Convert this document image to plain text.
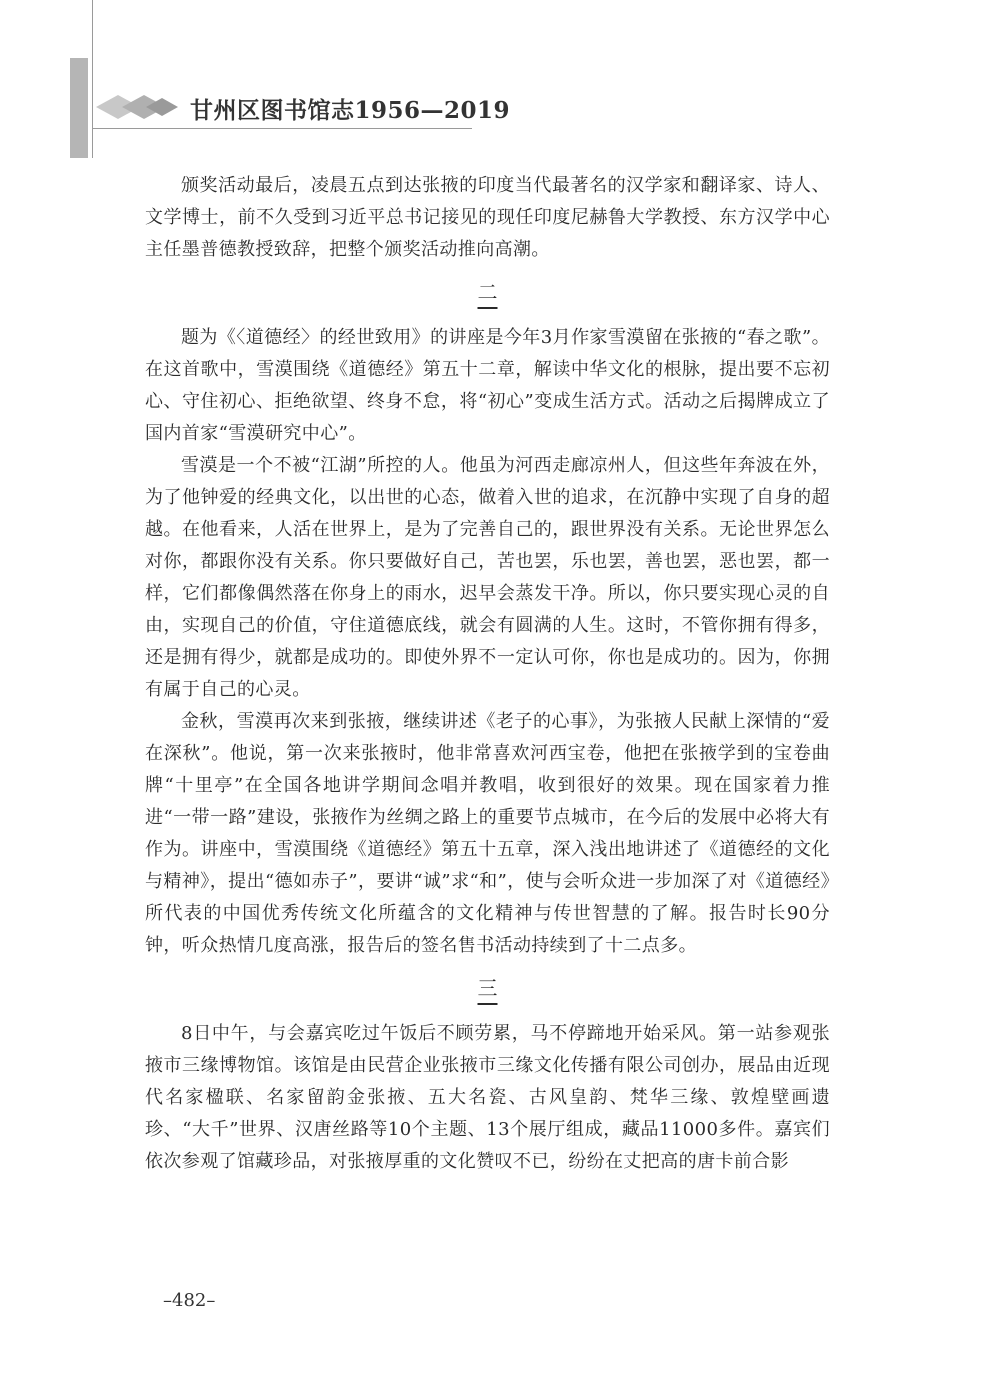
甘州区图书馆志1956—2019

颁奖活动最后，凌晨五点到达张掖的印度当代最著名的汉学家和翻译家、诗人、文学博士，前不久受到习近平总书记接见的现任印度尼赫鲁大学教授、东方汉学中心主任墨普德教授致辞，把整个颁奖活动推向高潮。

二

题为《〈道德经〉的经世致用》的讲座是今年3月作家雪漠留在张掖的“春之歌”。在这首歌中，雪漠围绕《道德经》第五十二章，解读中华文化的根脉，提出要不忘初心、守住初心、拒绝欲望、终身不怠，将“初心”变成生活方式。活动之后揭牌成立了国内首家“雪漠研究中心”。

雪漠是一个不被“江湖”所控的人。他虽为河西走廊凉州人，但这些年奔波在外，为了他钟爱的经典文化，以出世的心态，做着入世的追求，在沉静中实现了自身的超越。在他看来，人活在世界上，是为了完善自己的，跟世界没有关系。无论世界怎么对你，都跟你没有关系。你只要做好自己，苦也罢，乐也罢，善也罢，恶也罢，都一样，它们都像偶然落在你身上的雨水，迟早会蒸发干净。所以，你只要实现心灵的自由，实现自己的价值，守住道德底线，就会有圆满的人生。这时，不管你拥有得多，还是拥有得少，就都是成功的。即使外界不一定认可你，你也是成功的。因为，你拥有属于自己的心灵。

金秋，雪漠再次来到张掖，继续讲述《老子的心事》，为张掖人民献上深情的“爱在深秋”。他说，第一次来张掖时，他非常喜欢河西宝卷，他把在张掖学到的宝卷曲牌“十里亭”在全国各地讲学期间念唱并教唱，收到很好的效果。现在国家着力推进“一带一路”建设，张掖作为丝绸之路上的重要节点城市，在今后的发展中必将大有作为。讲座中，雪漠围绕《道德经》第五十五章，深入浅出地讲述了《道德经的文化与精神》，提出“德如赤子”，要讲“诚”求“和”，使与会听众进一步加深了对《道德经》所代表的中国优秀传统文化所蕴含的文化精神与传世智慧的了解。报告时长90分钟，听众热情几度高涨，报告后的签名售书活动持续到了十二点多。

三

8日中午，与会嘉宾吃过午饭后不顾劳累，马不停蹄地开始采风。第一站参观张掖市三缘博物馆。该馆是由民营企业张掖市三缘文化传播有限公司创办，展品由近现代名家楹联、名家留韵金张掖、五大名瓷、古风皇韵、梵华三缘、敦煌壁画遗珍、“大千”世界、汉唐丝路等10个主题、13个展厅组成，藏品11000多件。嘉宾们依次参观了馆藏珍品，对张掖厚重的文化赞叹不已，纷纷在丈把高的唐卡前合影

–482–
